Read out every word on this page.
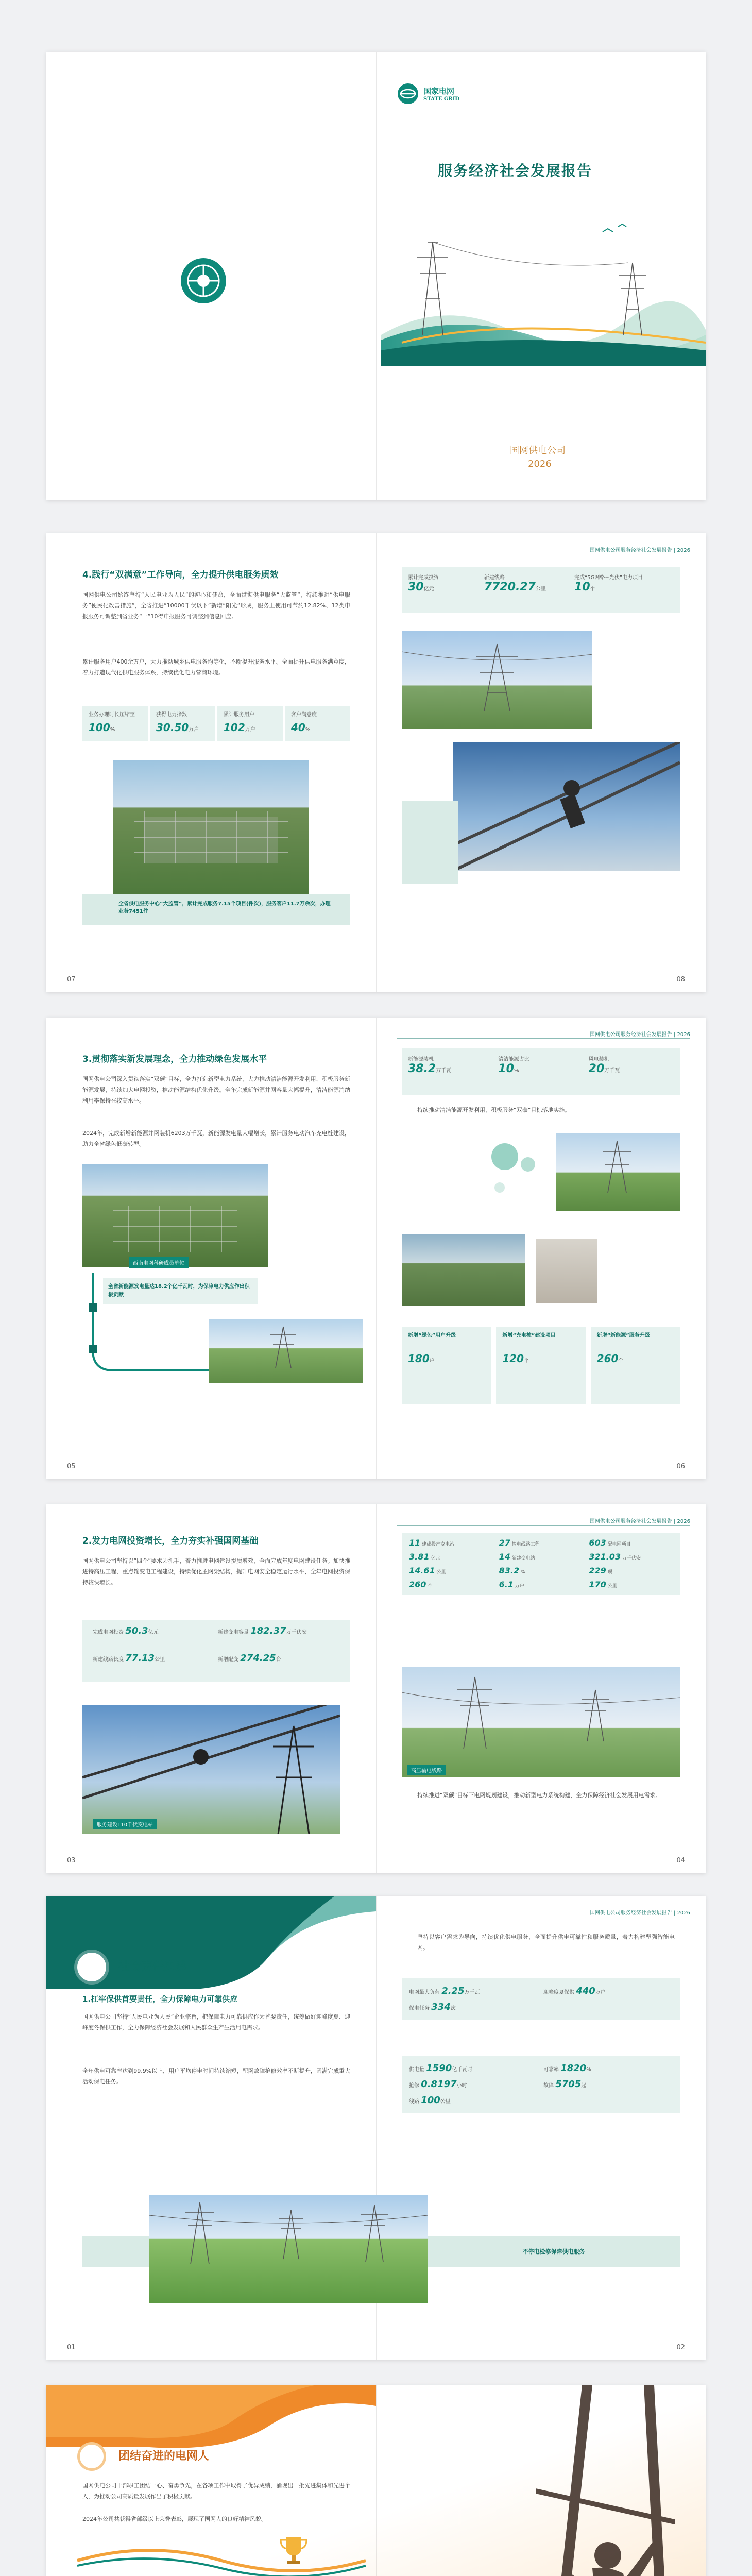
国家电网
STATE GRID
服务经济社会发展报告
国网供电公司
2026
国网供电公司服务经济社会发展报告 | 2026
4.践行“双满意”工作导向，全力提升供电服务质效

国网供电公司始终坚持“人民电业为人民”的初心和使命，全面贯彻供电服务“大监管”，持续推进“供电服务”便民化改善措施”，全省推进“10000千伏以下”新增“阳光”形成，服务上使用可节约12.82%、12类申报服务可调整到省业务“一”10得申报服务可调整到信息回应。

累计服务用户400余万户，大力推动城乡供电服务均等化，不断提升服务水平。全面提升供电服务满意度，着力打造现代化供电服务体系，持续优化电力营商环境。

业务办理时长压缩至
100%
获得电力指数
30.50万户
累计服务用户
102万户
客户满意度
40%
全省供电服务中心“大监管”，累计完成服务7.15个项目(件次)，服务客户11.7万余次，办理业务7451件
07
累计完成投资
30亿元
新建线路
7720.27公里
完成“5G网络+光伏”电力项目
10个
08
国网供电公司服务经济社会发展报告 | 2026
3.贯彻落实新发展理念，全力推动绿色发展水平

国网供电公司深入贯彻落实“双碳”目标，全力打造新型电力系统，大力推动清洁能源开发利用，积极服务新能源发展，持续加大电网投资，推动能源结构优化升级。全年完成新能源并网容量大幅提升，清洁能源消纳利用率保持在较高水平。

2024年，完成新增新能源并网装机6203万千瓦，新能源发电量大幅增长，累计服务电动汽车充电桩建设，助力全省绿色低碳转型。

西南电网科研成员单位
全省新能源发电量达18.2个亿千瓦时，为保障电力供应作出积极贡献
05
新能源装机
38.2万千瓦
清洁能源占比
10%
风电装机
20万千瓦

持续推动清洁能源开发利用，积极服务“双碳”目标落地实施。

新增“绿色”用户升级
180户
新增“充电桩”建设项目
120个
新增“新能源”服务升级
260个
06
国网供电公司服务经济社会发展报告 | 2026
2.发力电网投资增长，全力夯实补强国网基础

国网供电公司坚持以“四个”要求为抓手，着力推进电网建设提质增效，全面完成年度电网建设任务。加快推进特高压工程、重点输变电工程建设，持续优化主网架结构，提升电网安全稳定运行水平，全年电网投资保持较快增长。

完成电网投资 50.3亿元	新建变电容量 182.37万千伏安
新建线路长度 77.13公里	新增配变 274.25台
服务建设110千伏变电站
03
11 建成投产变电站	27 输电线路工程	603 配电网项目
3.81 亿元	14 新建变电站	321.03 万千伏安
14.61 公里	83.2 %	229 项
260 个	6.1 万户	170 公里
高压输电线路

持续推进“双碳”目标下电网规划建设，推动新型电力系统构建，全力保障经济社会发展用电需求。

04
国网供电公司服务经济社会发展报告 | 2026
社会责任实践
1.扛牢保供首要责任，全力保障电力可靠供应

国网供电公司坚持“人民电业为人民”企业宗旨，把保障电力可靠供应作为首要责任，统筹做好迎峰度夏、迎峰度冬保供工作，全力保障经济社会发展和人民群众生产生活用电需求。

全年供电可靠率达到99.9%以上，用户平均停电时间持续缩短，配网故障抢修效率不断提升，圆满完成重大活动保电任务。

01

坚持以客户需求为导向，持续优化供电服务，全面提升供电可靠性和服务质量，着力构建坚强智能电网。

电网最大负荷 2.25万千瓦	迎峰度夏保供 440万户
保电任务 334次
供电量 1590亿千瓦时	可靠率 1820%
抢修 0.8197小时	故障 5705起
线路 100公里
不停电检修保障供电服务
02
团结奋进的电网人

国网供电公司干部职工团结一心、奋勇争先，在各项工作中取得了优异成绩，涌现出一批先进集体和先进个人，为推动公司高质量发展作出了积极贡献。

2024年公司共获得省部级以上荣誉表彰，展现了国网人的良好精神风貌。
